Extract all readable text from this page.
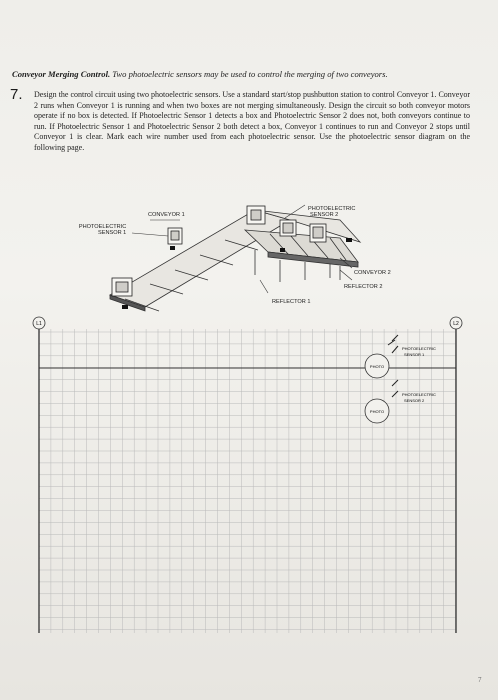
Conveyor Merging Control. Two photoelectric sensors may be used to control the merging of two conveyors.
7. Design the control circuit using two photoelectric sensors. Use a standard start/stop pushbutton station to control Conveyor 1. Conveyor 2 runs when Conveyor 1 is running and when two boxes are not merging simultaneously. Design the circuit so both conveyor motors operate if no box is detected. If Photoelectric Sensor 1 detects a box and Photoelectric Sensor 2 does not, both conveyors continue to run. If Photoelectric Sensor 1 and Photoelectric Sensor 2 both detect a box, Conveyor 1 continues to run and Conveyor 2 stops until Conveyor 1 is clear. Mark each wire number used from each photoelectric sensor. Use the photoelectric sensor diagram on the following page.
CONVEYOR 1
PHOTOELECTRIC
SENSOR 1
PHOTOELECTRIC
SENSOR 2
CONVEYOR 2
REFLECTOR 2
REFLECTOR 1
L1	L2
PHOTO
PHOTOELECTRIC
SENSOR 1
PHOTO
PHOTOELECTRIC
SENSOR 2
7
